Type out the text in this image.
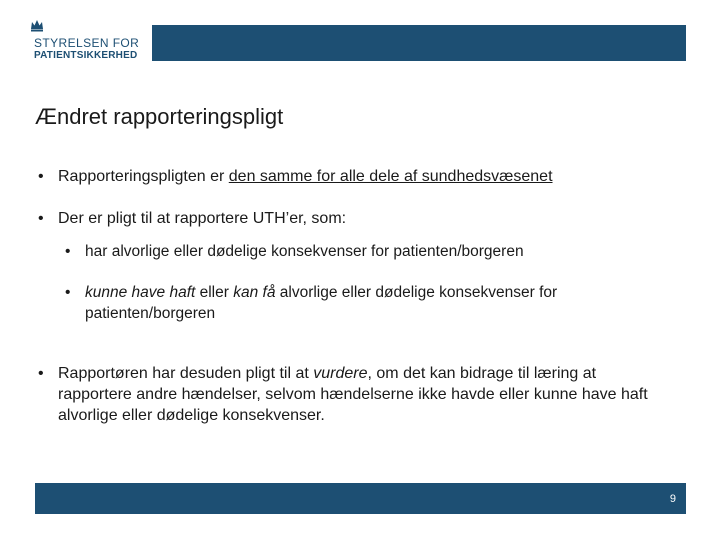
STYRELSEN FOR
PATIENTSIKKERHED
Ændret rapporteringspligt
• Rapporteringspligten er den samme for alle dele af sundhedsvæsenet
• Der er pligt til at rapportere UTH’er, som:
• har alvorlige eller dødelige konsekvenser for patienten/borgeren
• kunne have haft eller kan få alvorlige eller dødelige konsekvenser for patienten/borgeren
• Rapportøren har desuden pligt til at vurdere, om det kan bidrage til læring at rapportere andre hændelser, selvom hændelserne ikke havde eller kunne have haft alvorlige eller dødelige konsekvenser.
9
